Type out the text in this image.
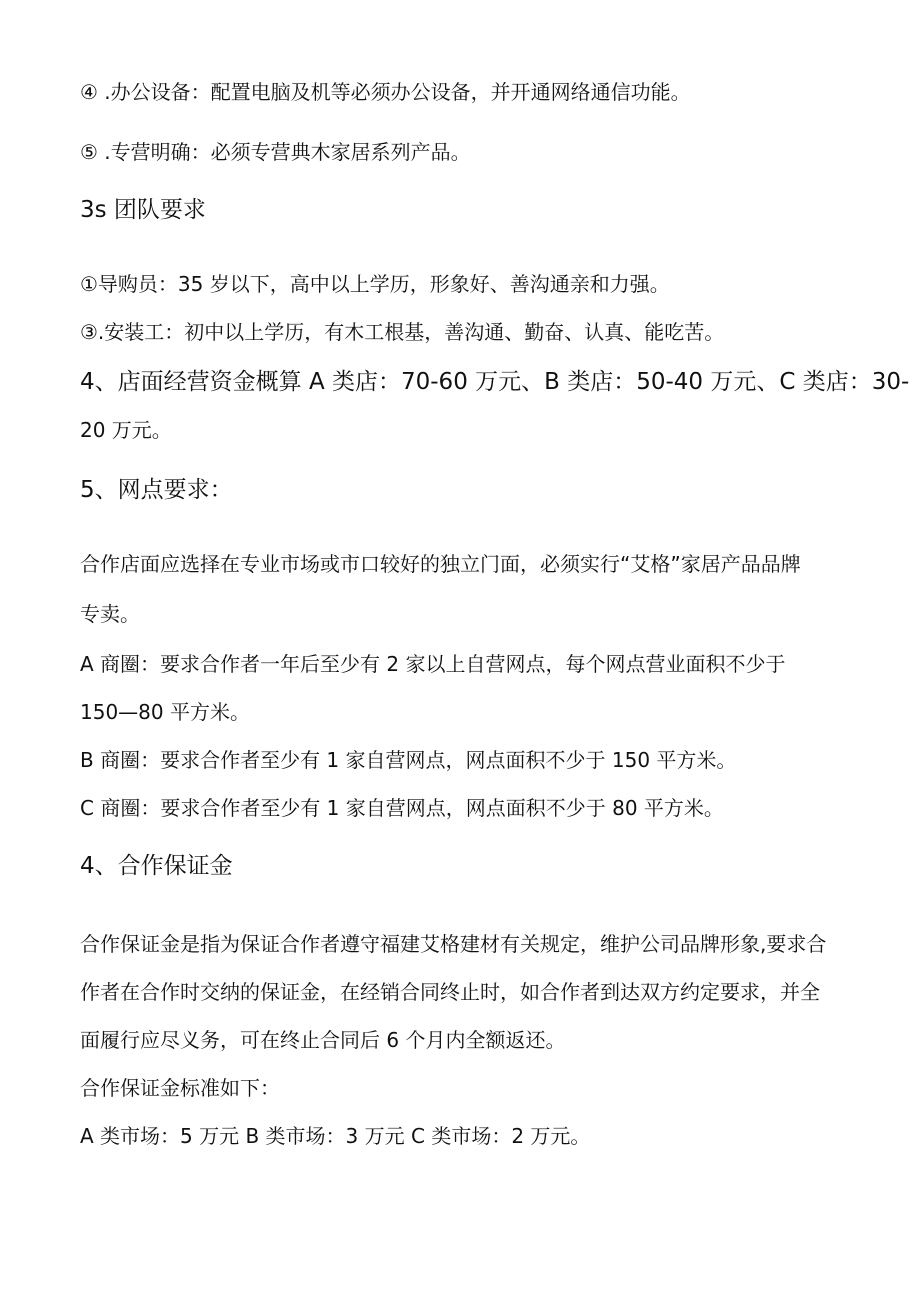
④ .办公设备：配置电脑及机等必须办公设备，并开通网络通信功能。
⑤ .专营明确：必须专营典木家居系列产品。
3s 团队要求
①导购员：35 岁以下，高中以上学历，形象好、善沟通亲和力强。
③.安装工：初中以上学历，有木工根基，善沟通、勤奋、认真、能吃苦。
4、店面经营资金概算 A 类店：70-60 万元、B 类店：50-40 万元、C 类店：30-
20 万元。
5、网点要求：
合作店面应选择在专业市场或市口较好的独立门面，必须实行“艾格”家居产品品牌
专卖。
A 商圈：要求合作者一年后至少有 2 家以上自营网点，每个网点营业面积不少于
150—80 平方米。
B 商圈：要求合作者至少有 1 家自营网点，网点面积不少于 150 平方米。
C 商圈：要求合作者至少有 1 家自营网点，网点面积不少于 80 平方米。
4、合作保证金
合作保证金是指为保证合作者遵守福建艾格建材有关规定，维护公司品牌形象,要求合
作者在合作时交纳的保证金，在经销合同终止时，如合作者到达双方约定要求，并全
面履行应尽义务，可在终止合同后 6 个月内全额返还。
合作保证金标准如下：
A 类市场：5 万元 B 类市场：3 万元 C 类市场：2 万元。
